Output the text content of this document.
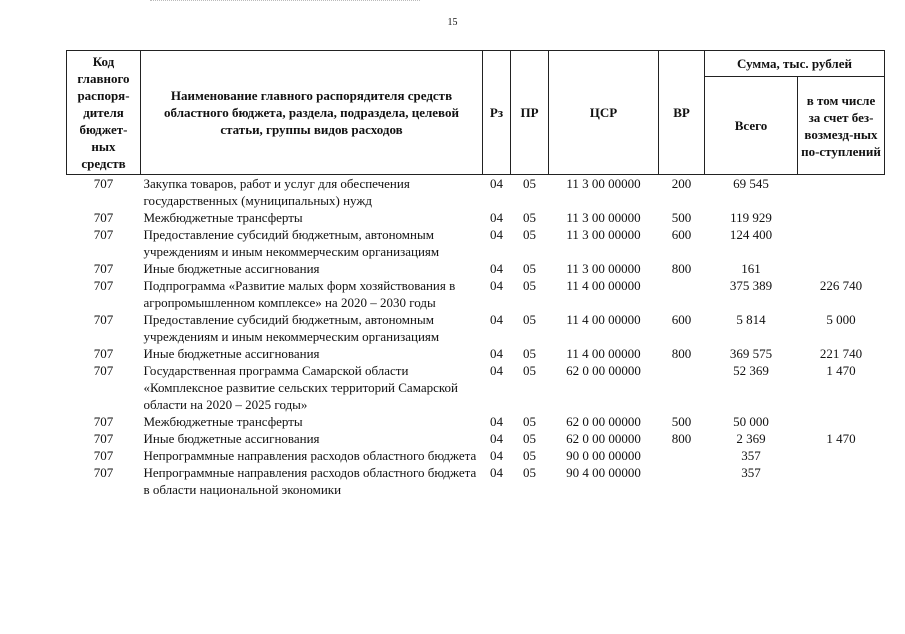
15
Код главного распоря-дителя бюджет-ных средств	Наименование главного распорядителя средств областного бюджета, раздела, подраздела, целевой статьи, группы видов расходов	Рз	ПР	ЦСР	ВР	Сумма, тыс. рублей	
						Всего	в том числе за счет без-возмезд-ных по-ступлений
707	Закупка товаров, работ и услуг для обеспечения государственных (муниципальных) нужд	04	05	11 3 00 00000	200	69 545	
707	Межбюджетные трансферты	04	05	11 3 00 00000	500	119 929	
707	Предоставление субсидий бюджетным, автономным учреждениям и иным некоммерческим организациям	04	05	11 3 00 00000	600	124 400	
707	Иные бюджетные ассигнования	04	05	11 3 00 00000	800	161	
707	Подпрограмма «Развитие малых форм хозяйствования в агропромышленном комплексе» на 2020 – 2030 годы	04	05	11 4 00 00000		375 389	226 740
707	Предоставление субсидий бюджетным, автономным учреждениям и иным некоммерческим организациям	04	05	11 4 00 00000	600	5 814	5 000
707	Иные бюджетные ассигнования	04	05	11 4 00 00000	800	369 575	221 740
707	Государственная программа Самарской области «Комплексное развитие сельских территорий Самарской области на 2020 – 2025 годы»	04	05	62 0 00 00000		52 369	1 470
707	Межбюджетные трансферты	04	05	62 0 00 00000	500	50 000	
707	Иные бюджетные ассигнования	04	05	62 0 00 00000	800	2 369	1 470
707	Непрограммные направления расходов областного бюджета	04	05	90 0 00 00000		357	
707	Непрограммные направления расходов областного бюджета в области национальной экономики	04	05	90 4 00 00000		357	
